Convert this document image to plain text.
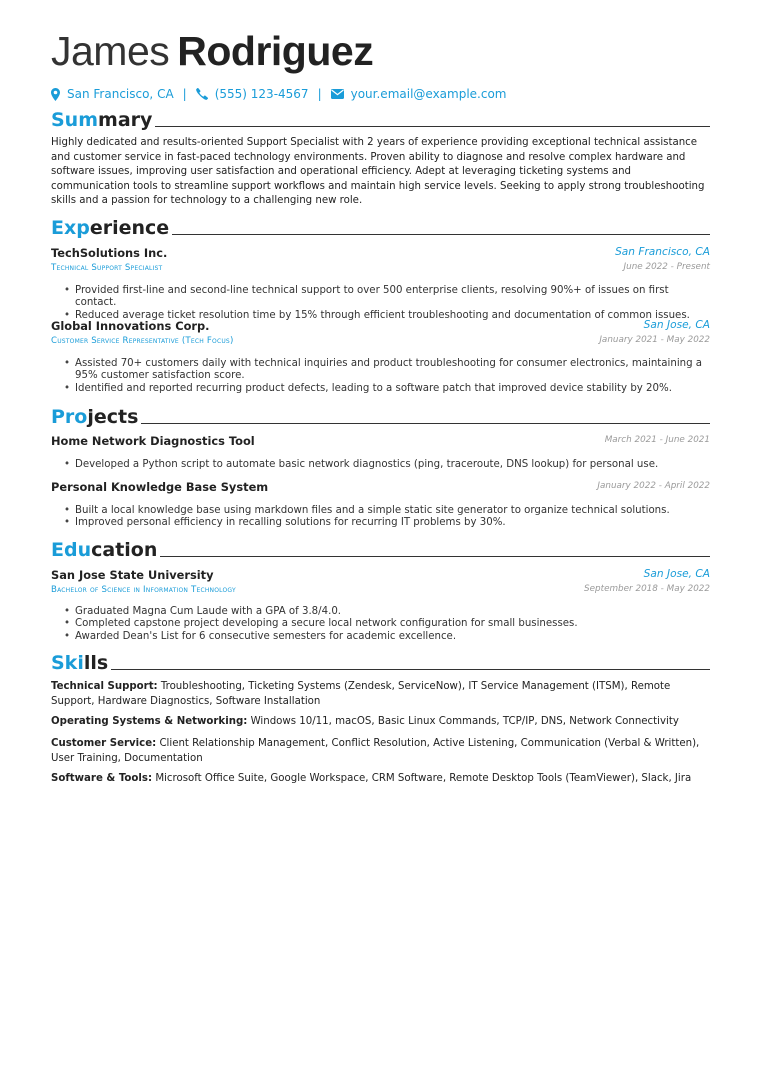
James Rodriguez
San Francisco, CA | (555) 123-4567 | your.email@example.com
Summary
Highly dedicated and results-oriented Support Specialist with 2 years of experience providing exceptional technical assistance and customer service in fast-paced technology environments. Proven ability to diagnose and resolve complex hardware and software issues, improving user satisfaction and operational efficiency. Adept at leveraging ticketing systems and communication tools to streamline support workflows and maintain high service levels. Seeking to apply strong troubleshooting skills and a passion for technology to a challenging new role.
Experience
TechSolutions Inc.	San Francisco, CA
Technical Support Specialist	June 2022 - Present
• Provided first-line and second-line technical support to over 500 enterprise clients, resolving 90%+ of issues on first contact.
• Reduced average ticket resolution time by 15% through efficient troubleshooting and documentation of common issues.
Global Innovations Corp.	San Jose, CA
Customer Service Representative (Tech Focus)	January 2021 - May 2022
• Assisted 70+ customers daily with technical inquiries and product troubleshooting for consumer electronics, maintaining a 95% customer satisfaction score.
• Identified and reported recurring product defects, leading to a software patch that improved device stability by 20%.
Projects
Home Network Diagnostics Tool	March 2021 - June 2021
• Developed a Python script to automate basic network diagnostics (ping, traceroute, DNS lookup) for personal use.
Personal Knowledge Base System	January 2022 - April 2022
• Built a local knowledge base using markdown files and a simple static site generator to organize technical solutions.
• Improved personal efficiency in recalling solutions for recurring IT problems by 30%.
Education
San Jose State University	San Jose, CA
Bachelor of Science in Information Technology	September 2018 - May 2022
• Graduated Magna Cum Laude with a GPA of 3.8/4.0.
• Completed capstone project developing a secure local network configuration for small businesses.
• Awarded Dean's List for 6 consecutive semesters for academic excellence.
Skills
Technical Support: Troubleshooting, Ticketing Systems (Zendesk, ServiceNow), IT Service Management (ITSM), Remote Support, Hardware Diagnostics, Software Installation
Operating Systems & Networking: Windows 10/11, macOS, Basic Linux Commands, TCP/IP, DNS, Network Connectivity
Customer Service: Client Relationship Management, Conflict Resolution, Active Listening, Communication (Verbal & Written), User Training, Documentation
Software & Tools: Microsoft Office Suite, Google Workspace, CRM Software, Remote Desktop Tools (TeamViewer), Slack, Jira
